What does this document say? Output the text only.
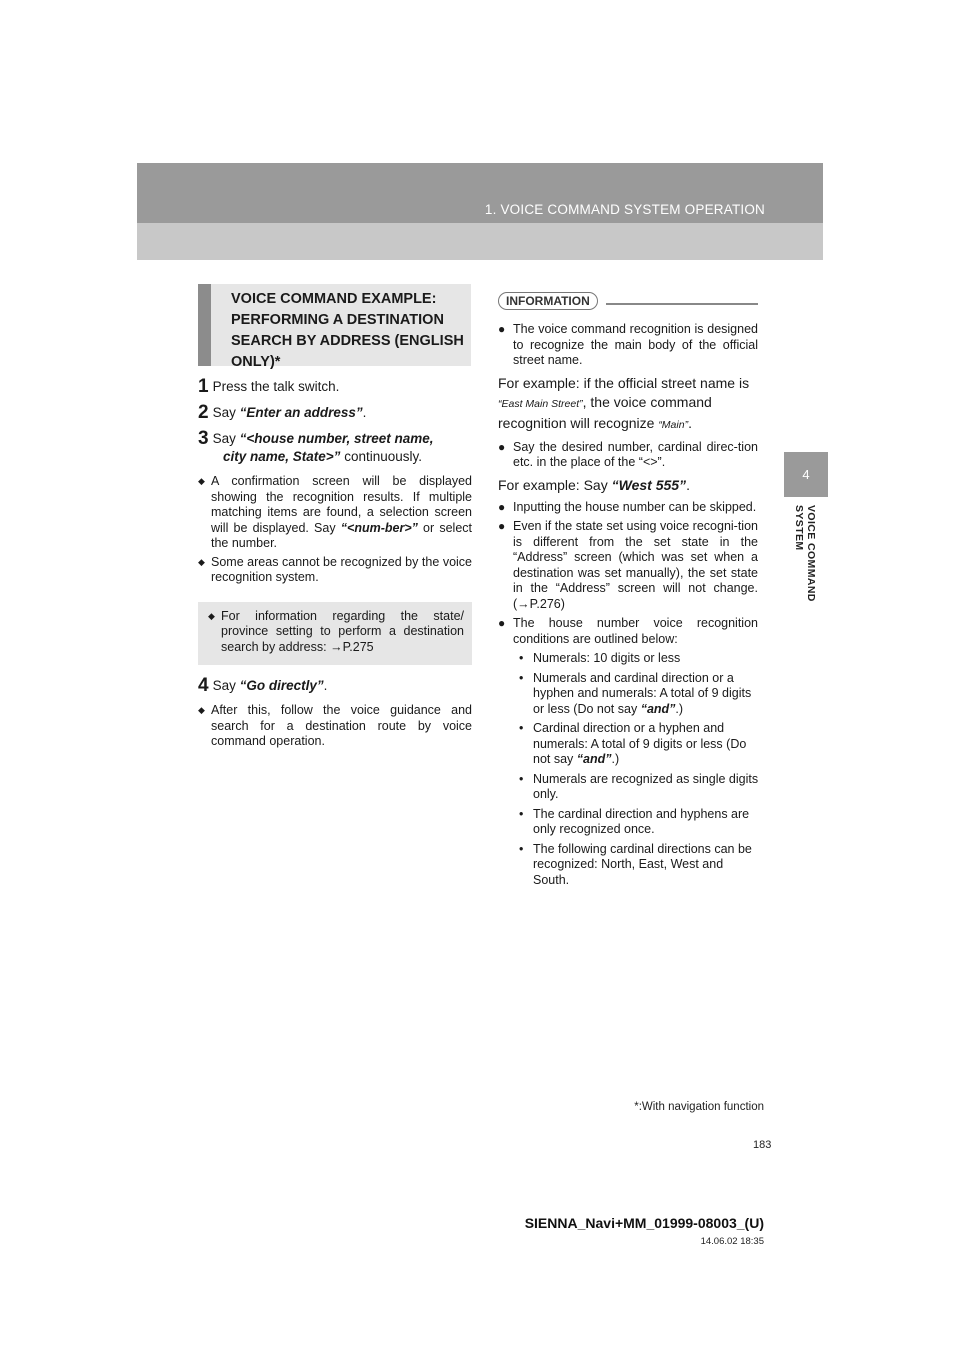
1. VOICE COMMAND SYSTEM OPERATION
4
VOICE COMMAND SYSTEM
VOICE COMMAND EXAMPLE: PERFORMING A DESTINATION SEARCH BY ADDRESS (ENGLISH ONLY)*
1 Press the talk switch.
2 Say “Enter an address”.
3 Say “<house number, street name,
city name, State>” continuously.
◆ A confirmation screen will be displayed showing the recognition results. If multiple matching items are found, a selection screen will be displayed. Say “<num-ber>” or select the number.
◆ Some areas cannot be recognized by the voice recognition system.
◆ For information regarding the state/ province setting to perform a destination search by address: →P.275
4 Say “Go directly”.
◆ After this, follow the voice guidance and search for a destination route by voice command operation.
INFORMATION
● The voice command recognition is designed to recognize the main body of the official street name.
For example: if the official street name is “East Main Street”, the voice command recognition will recognize “Main”.
● Say the desired number, cardinal direc-tion etc. in the place of the “<>”.
For example: Say “West 555”.
● Inputting the house number can be skipped.
● Even if the state set using voice recogni-tion is different from the set state in the “Address” screen (which was set when a destination was set manually), the set state in the “Address” screen will not change. (→P.276)
● The house number voice recognition conditions are outlined below:
• Numerals: 10 digits or less
• Numerals and cardinal direction or a hyphen and numerals: A total of 9 digits or less (Do not say “and”.)
• Cardinal direction or a hyphen and numerals: A total of 9 digits or less (Do not say “and”.)
• Numerals are recognized as single digits only.
• The cardinal direction and hyphens are only recognized once.
• The following cardinal directions can be recognized: North, East, West and South.
*:With navigation function
183
SIENNA_Navi+MM_01999-08003_(U)
14.06.02 18:35
